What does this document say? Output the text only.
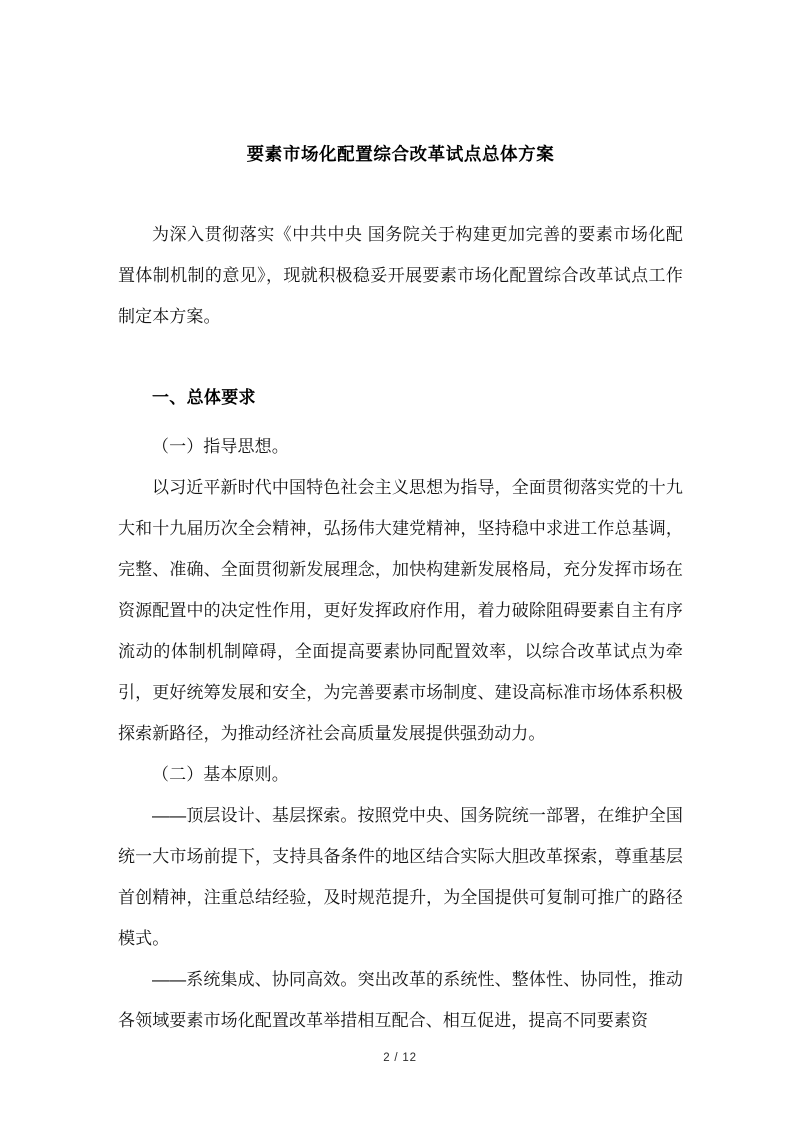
要素市场化配置综合改革试点总体方案

为深入贯彻落实《中共中央 国务院关于构建更加完善的要素市场化配置体制机制的意见》，现就积极稳妥开展要素市场化配置综合改革试点工作制定本方案。

一、总体要求

（一）指导思想。

以习近平新时代中国特色社会主义思想为指导，全面贯彻落实党的十九大和十九届历次全会精神，弘扬伟大建党精神，坚持稳中求进工作总基调，完整、准确、全面贯彻新发展理念，加快构建新发展格局，充分发挥市场在资源配置中的决定性作用，更好发挥政府作用，着力破除阻碍要素自主有序流动的体制机制障碍，全面提高要素协同配置效率，以综合改革试点为牵引，更好统筹发展和安全，为完善要素市场制度、建设高标准市场体系积极探索新路径，为推动经济社会高质量发展提供强劲动力。

（二）基本原则。

——顶层设计、基层探索。按照党中央、国务院统一部署，在维护全国统一大市场前提下，支持具备条件的地区结合实际大胆改革探索，尊重基层首创精神，注重总结经验，及时规范提升，为全国提供可复制可推广的路径模式。

——系统集成、协同高效。突出改革的系统性、整体性、协同性，推动各领域要素市场化配置改革举措相互配合、相互促进，提高不同要素资

2 / 12
